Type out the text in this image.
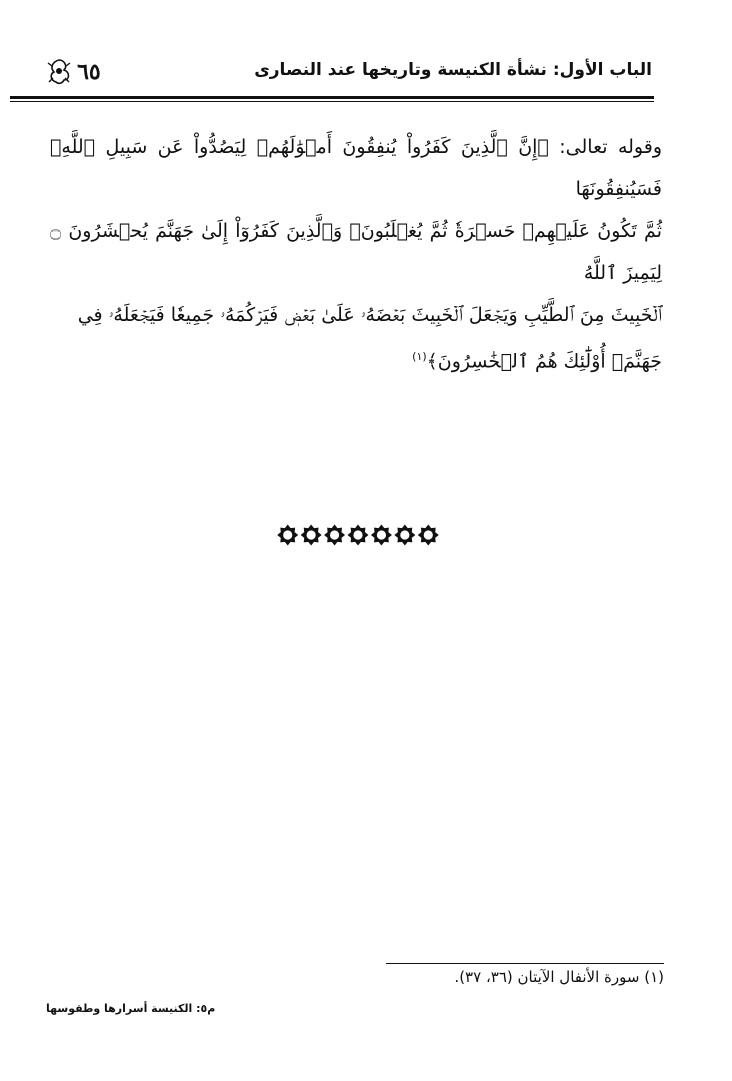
الباب الأول: نشأة الكنيسة وتاريخها عند النصارى
٦٥
وقوله تعالى: ﴿إِنَّ ٱلَّذِينَ كَفَرُواْ يُنفِقُونَ أَمۡوَٰلَهُمۡ لِيَصُدُّواْ عَن سَبِيلِ ٱللَّهِۚ فَسَيُنفِقُونَهَا
ثُمَّ تَكُونُ عَلَيۡهِمۡ حَسۡرَةٗ ثُمَّ يُغۡلَبُونَۗ وَٱلَّذِينَ كَفَرُوٓاْ إِلَىٰ جَهَنَّمَ يُحۡشَرُونَ ۝ لِيَمِيزَ ٱللَّهُ
ٱلۡخَبِيثَ مِنَ ٱلطَّيِّبِ وَيَجۡعَلَ ٱلۡخَبِيثَ بَعۡضَهُۥ عَلَىٰ بَعۡضٖ فَيَرۡكُمَهُۥ جَمِيعٗا فَيَجۡعَلَهُۥ فِي
جَهَنَّمَۚ أُوْلَٰٓئِكَ هُمُ ٱلۡخَٰسِرُونَ﴾$^{(١)}$
(١) سورة الأنفال الآيتان (٣٦، ٣٧).
م٥: الكنيسة أسرارها وطقوسها
